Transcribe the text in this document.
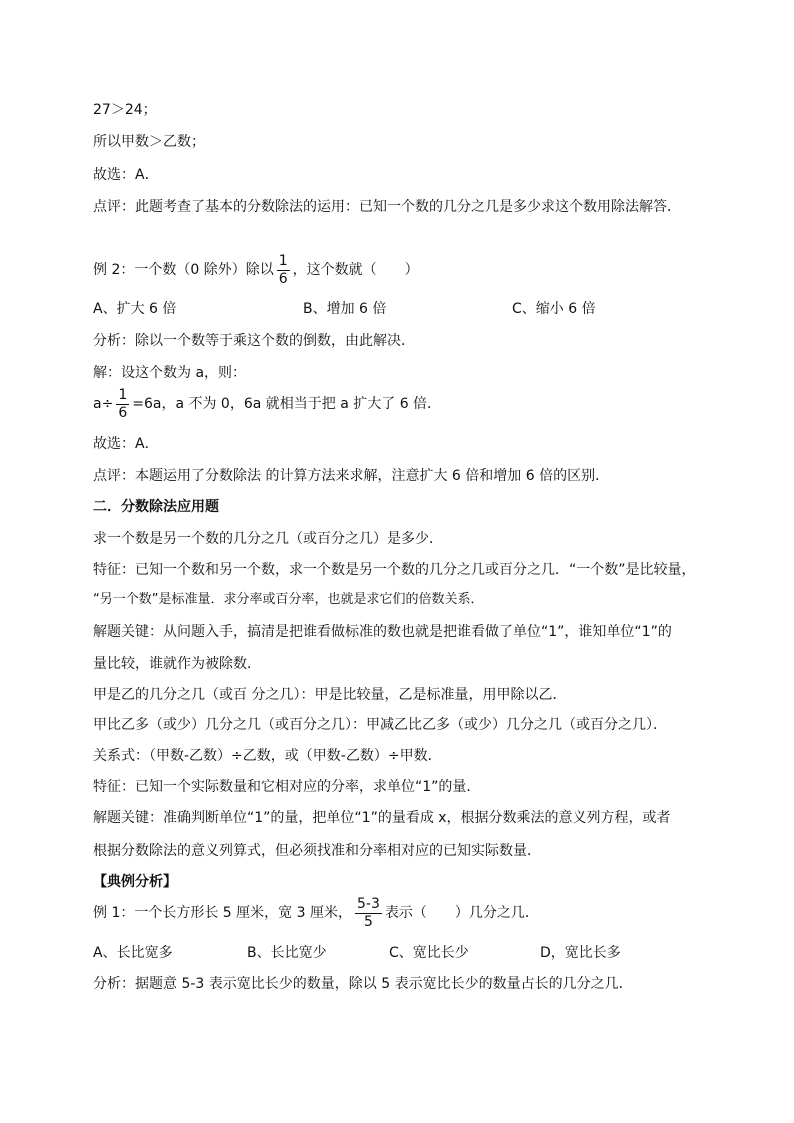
27＞24；
所以甲数＞乙数；
故选：A．
点评：此题考查了基本的分数除法的运用：已知一个数的几分之几是多少求这个数用除法解答．
例 2：一个数（0 除外）除以 $\frac{1}{6}$ ，这个数就（　　）
A、扩大 6 倍	B、增加 6 倍	C、缩小 6 倍
分析：除以一个数等于乘这个数的倒数，由此解决．
解：设这个数为 a，则：
$a\div \frac{1}{6} =6a$，a 不为 0，6a 就相当于把 a 扩大了 6 倍．
故选：A．
点评：本题运用了分数除法 的计算方法来求解，注意扩大 6 倍和增加 6 倍的区别．
二．分数除法应用题
求一个数是另一个数的几分之几（或百分之几）是多少．
特征：已知一个数和另一个数，求一个数是另一个数的几分之几或百分之几．“一个数”是比较量，
“另一个数”是标准量．求分率或百分率，也就是求它们的倍数关系．
解题关键：从问题入手，搞清是把谁看做标准的数也就是把谁看做了单位“1”，谁知单位“1”的
量比较，谁就作为被除数．
甲是乙的几分之几（或百 分之几）：甲是比较量，乙是标准量，用甲除以乙．
甲比乙多（或少）几分之几（或百分之几）：甲减乙比乙多（或少）几分之几（或百分之几）．
关系式：（甲数-乙数）÷乙数，或（甲数-乙数）÷甲数．
特征：已知一个实际数量和它相对应的分率，求单位“1”的量．
解题关键：准确判断单位“1”的量，把单位“1”的量看成 x，根据分数乘法的意义列方程，或者
根据分数除法的意义列算式，但必须找准和分率相对应的已知实际数量．
【典例分析】
例 1：一个长方形长 5 厘米，宽 3 厘米， $\frac{5-3}{5}$ 表示（　　）几分之几．
A、长比宽多	B、长比宽少	C、宽比长少	D，宽比长多
分析：据题意 5-3 表示宽比长少的数量，除以 5 表示宽比长少的数量占长的几分之几．
